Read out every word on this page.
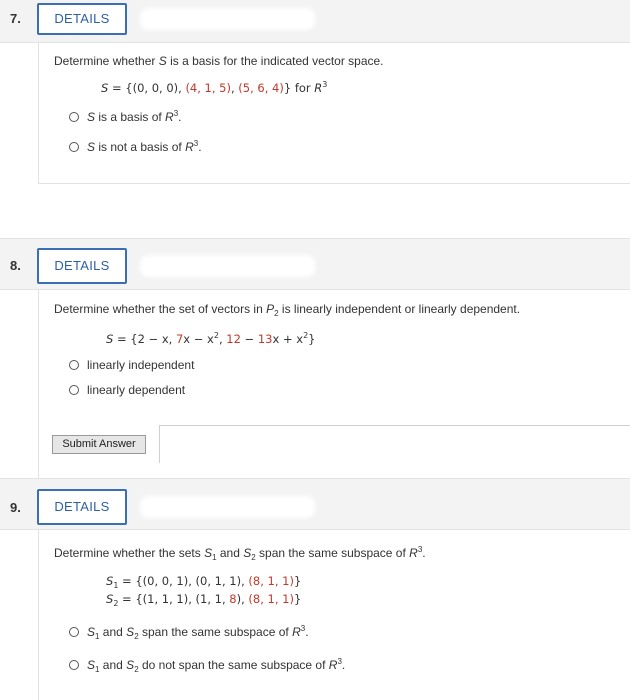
7.	DETAILS
Determine whether S is a basis for the indicated vector space.
S = {(0, 0, 0), (4, 1, 5), (5, 6, 4)} for $R^3$
S is a basis of $R^3$.
S is not a basis of $R^3$.
8.	DETAILS
Determine whether the set of vectors in $P_2$ is linearly independent or linearly dependent.
S = {2 − x, $7x - x^2$, $12 - 13x + x^2$}
linearly independent
linearly dependent
Submit Answer
9.	DETAILS
Determine whether the sets $S_1$ and $S_2$ span the same subspace of $R^3$.
$S_1 = \{(0$, 0, 1), (0, 1, 1), (8, 1, 1)}
$S_2 = \{(1$, 1, 1), (1, 1, 8), (8, 1, 1)}
$S_1$ and $S_2$ span the same subspace of $R^3$.
$S_1$ and $S_2$ do not span the same subspace of $R^3$.
